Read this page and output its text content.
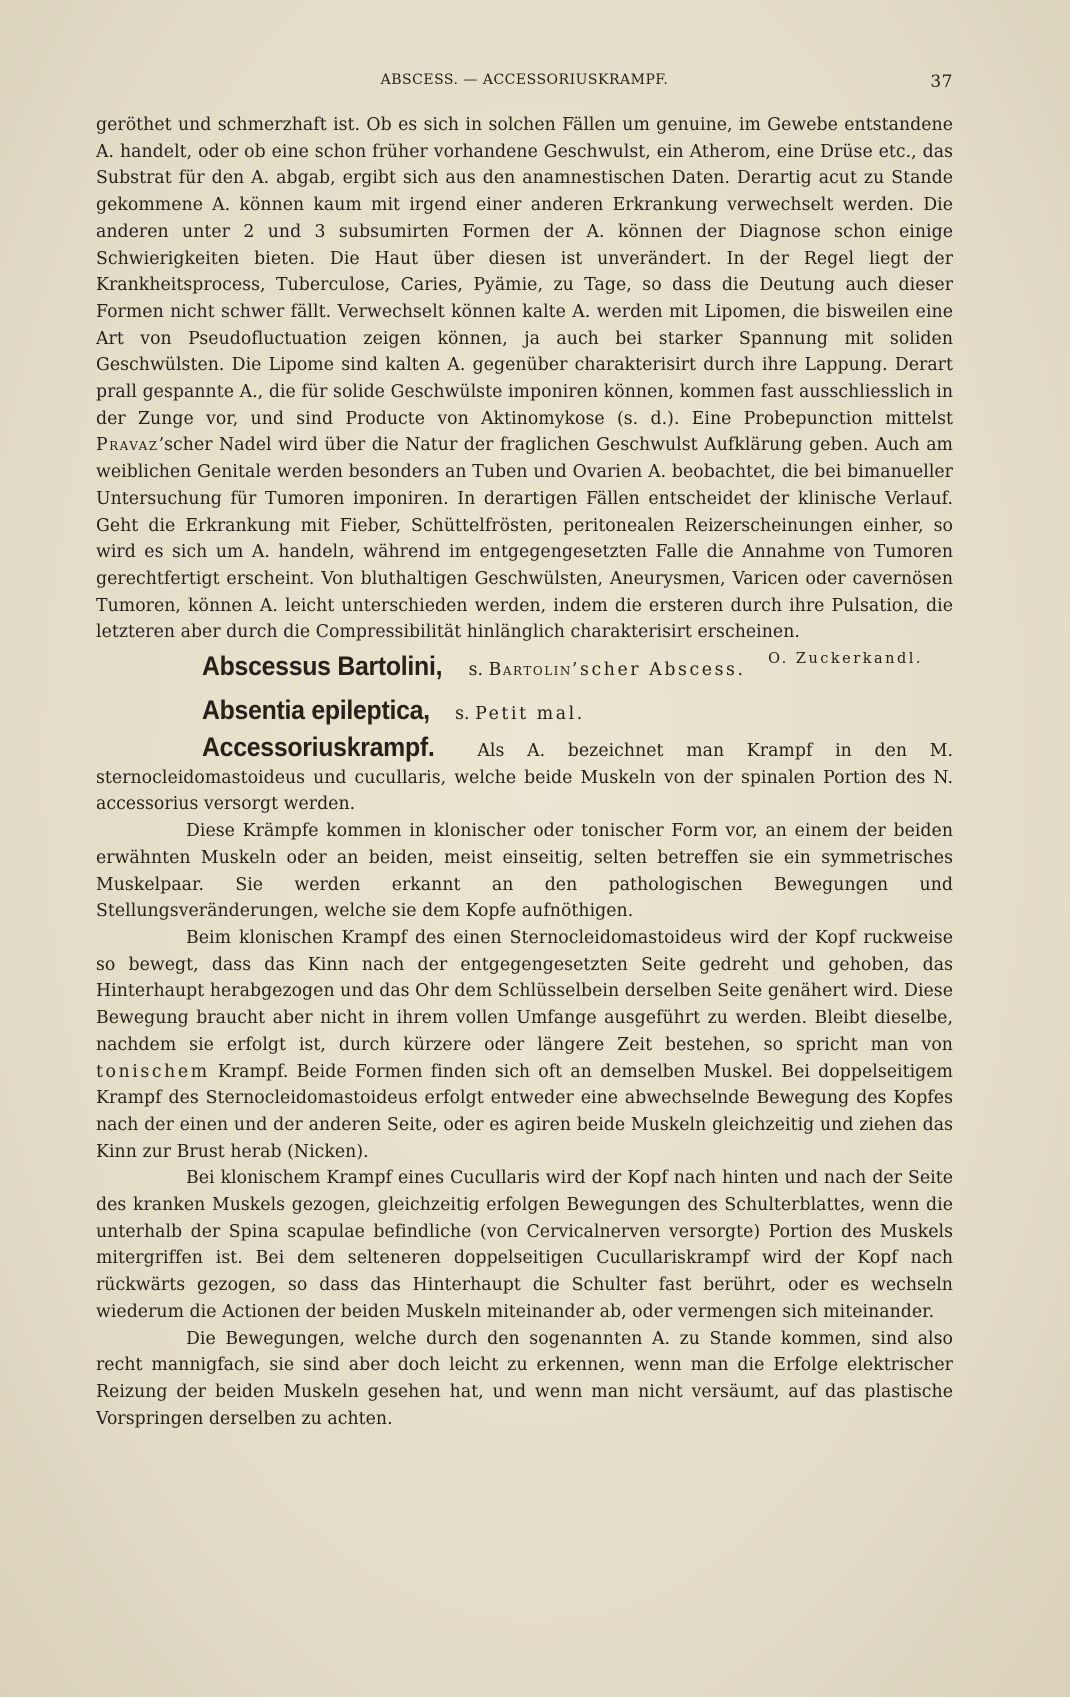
ABSCESS. — ACCESSORIUSKRAMPF.	37

geröthet und schmerzhaft ist. Ob es sich in solchen Fällen um genuine, im Gewebe entstandene A. handelt, oder ob eine schon früher vorhandene Geschwulst, ein Atherom, eine Drüse etc., das Substrat für den A. abgab, ergibt sich aus den anamnestischen Daten. Derartig acut zu Stande gekommene A. können kaum mit irgend einer anderen Erkrankung verwechselt werden. Die anderen unter 2 und 3 subsumirten Formen der A. können der Diagnose schon einige Schwierigkeiten bieten. Die Haut über diesen ist unverändert. In der Regel liegt der Krankheitsprocess, Tuberculose, Caries, Pyämie, zu Tage, so dass die Deutung auch dieser Formen nicht schwer fällt. Verwechselt können kalte A. werden mit Lipomen, die bisweilen eine Art von Pseudofluctuation zeigen können, ja auch bei starker Spannung mit soliden Geschwülsten. Die Lipome sind kalten A. gegenüber charakterisirt durch ihre Lappung. Derart prall gespannte A., die für solide Geschwülste imponiren können, kommen fast ausschliesslich in der Zunge vor, und sind Producte von Aktinomykose (s. d.). Eine Probepunction mittelst Pravaz’scher Nadel wird über die Natur der fraglichen Geschwulst Aufklärung geben. Auch am weiblichen Genitale werden besonders an Tuben und Ovarien A. beobachtet, die bei bimanueller Untersuchung für Tumoren imponiren. In derartigen Fällen entscheidet der klinische Verlauf. Geht die Erkrankung mit Fieber, Schüttelfrösten, peritonealen Reizerscheinungen einher, so wird es sich um A. handeln, während im entgegengesetzten Falle die Annahme von Tumoren gerechtfertigt erscheint. Von bluthaltigen Geschwülsten, Aneurysmen, Varicen oder cavernösen Tumoren, können A. leicht unterschieden werden, indem die ersteren durch ihre Pulsation, die letzteren aber durch die Compressibilität hinlänglich charakterisirt erscheinen.
O. Zuckerkandl.

Abscessus Bartolini, s. Bartolin’scher Abscess.

Absentia epileptica, s. Petit mal.

Accessoriuskrampf. Als A. bezeichnet man Krampf in den M. sternocleidomastoideus und cucullaris, welche beide Muskeln von der spinalen Portion des N. accessorius versorgt werden.

Diese Krämpfe kommen in klonischer oder tonischer Form vor, an einem der beiden erwähnten Muskeln oder an beiden, meist einseitig, selten betreffen sie ein symmetrisches Muskelpaar. Sie werden erkannt an den pathologischen Bewegungen und Stellungsveränderungen, welche sie dem Kopfe aufnöthigen.

Beim klonischen Krampf des einen Sternocleidomastoideus wird der Kopf ruckweise so bewegt, dass das Kinn nach der entgegengesetzten Seite gedreht und gehoben, das Hinterhaupt herabgezogen und das Ohr dem Schlüsselbein derselben Seite genähert wird. Diese Bewegung braucht aber nicht in ihrem vollen Umfange ausgeführt zu werden. Bleibt dieselbe, nachdem sie erfolgt ist, durch kürzere oder längere Zeit bestehen, so spricht man von tonischem Krampf. Beide Formen finden sich oft an demselben Muskel. Bei doppelseitigem Krampf des Sternocleidomastoideus erfolgt entweder eine abwechselnde Bewegung des Kopfes nach der einen und der anderen Seite, oder es agiren beide Muskeln gleichzeitig und ziehen das Kinn zur Brust herab (Nicken).

Bei klonischem Krampf eines Cucullaris wird der Kopf nach hinten und nach der Seite des kranken Muskels gezogen, gleichzeitig erfolgen Bewegungen des Schulterblattes, wenn die unterhalb der Spina scapulae befindliche (von Cervicalnerven versorgte) Portion des Muskels mitergriffen ist. Bei dem selteneren doppelseitigen Cucullariskrampf wird der Kopf nach rückwärts gezogen, so dass das Hinterhaupt die Schulter fast berührt, oder es wechseln wiederum die Actionen der beiden Muskeln miteinander ab, oder vermengen sich miteinander.

Die Bewegungen, welche durch den sogenannten A. zu Stande kommen, sind also recht mannigfach, sie sind aber doch leicht zu erkennen, wenn man die Erfolge elektrischer Reizung der beiden Muskeln gesehen hat, und wenn man nicht versäumt, auf das plastische Vorspringen derselben zu achten.
